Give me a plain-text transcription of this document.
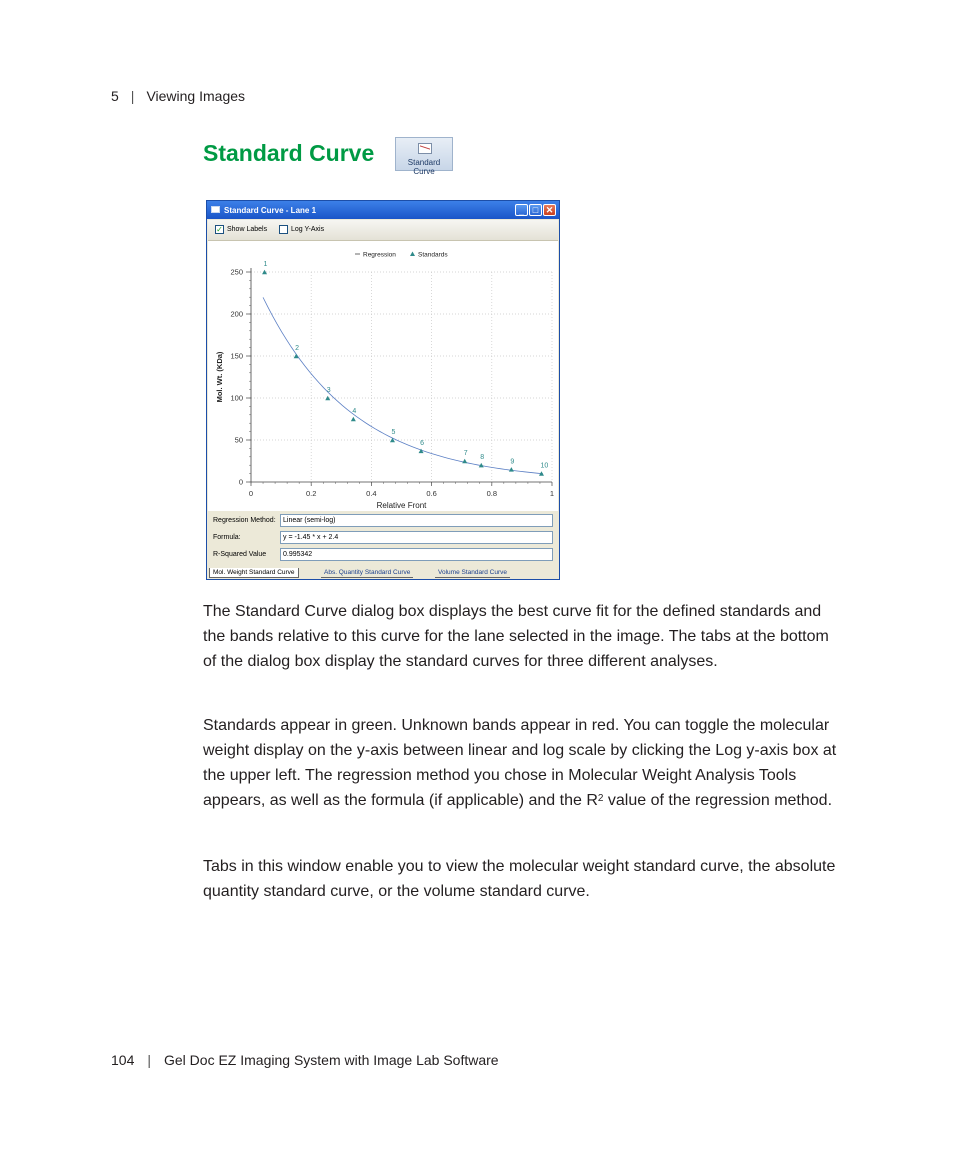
5 | Viewing Images
Standard Curve	Standard Curve
Standard Curve - Lane 1	‗ □ ✕
✓ Show Labels	Log Y-Axis
0	0.2	0.4	0.6	0.8	1
0
50
100
150
200
250
Relative Front
Mol. Wt. (KDa)
Regression	Standards
1
2
3
4
5
6
7
8
9
10
Regression Method:	Linear (semi-log)
Formula:	y = -1.45 * x + 2.4
R-Squared Value	0.995342
Mol. Weight Standard Curve	Abs. Quantity Standard Curve	Volume Standard Curve

The Standard Curve dialog box displays the best curve fit for the defined standards and the bands relative to this curve for the lane selected in the image. The tabs at the bottom of the dialog box display the standard curves for three different analyses.

Standards appear in green. Unknown bands appear in red. You can toggle the molecular weight display on the y-axis between linear and log scale by clicking the Log y-axis box at the upper left. The regression method you chose in Molecular Weight Analysis Tools appears, as well as the formula (if applicable) and the $R^2$ value of the regression method.

Tabs in this window enable you to view the molecular weight standard curve, the absolute quantity standard curve, or the volume standard curve.

104 | Gel Doc EZ Imaging System with Image Lab Software
